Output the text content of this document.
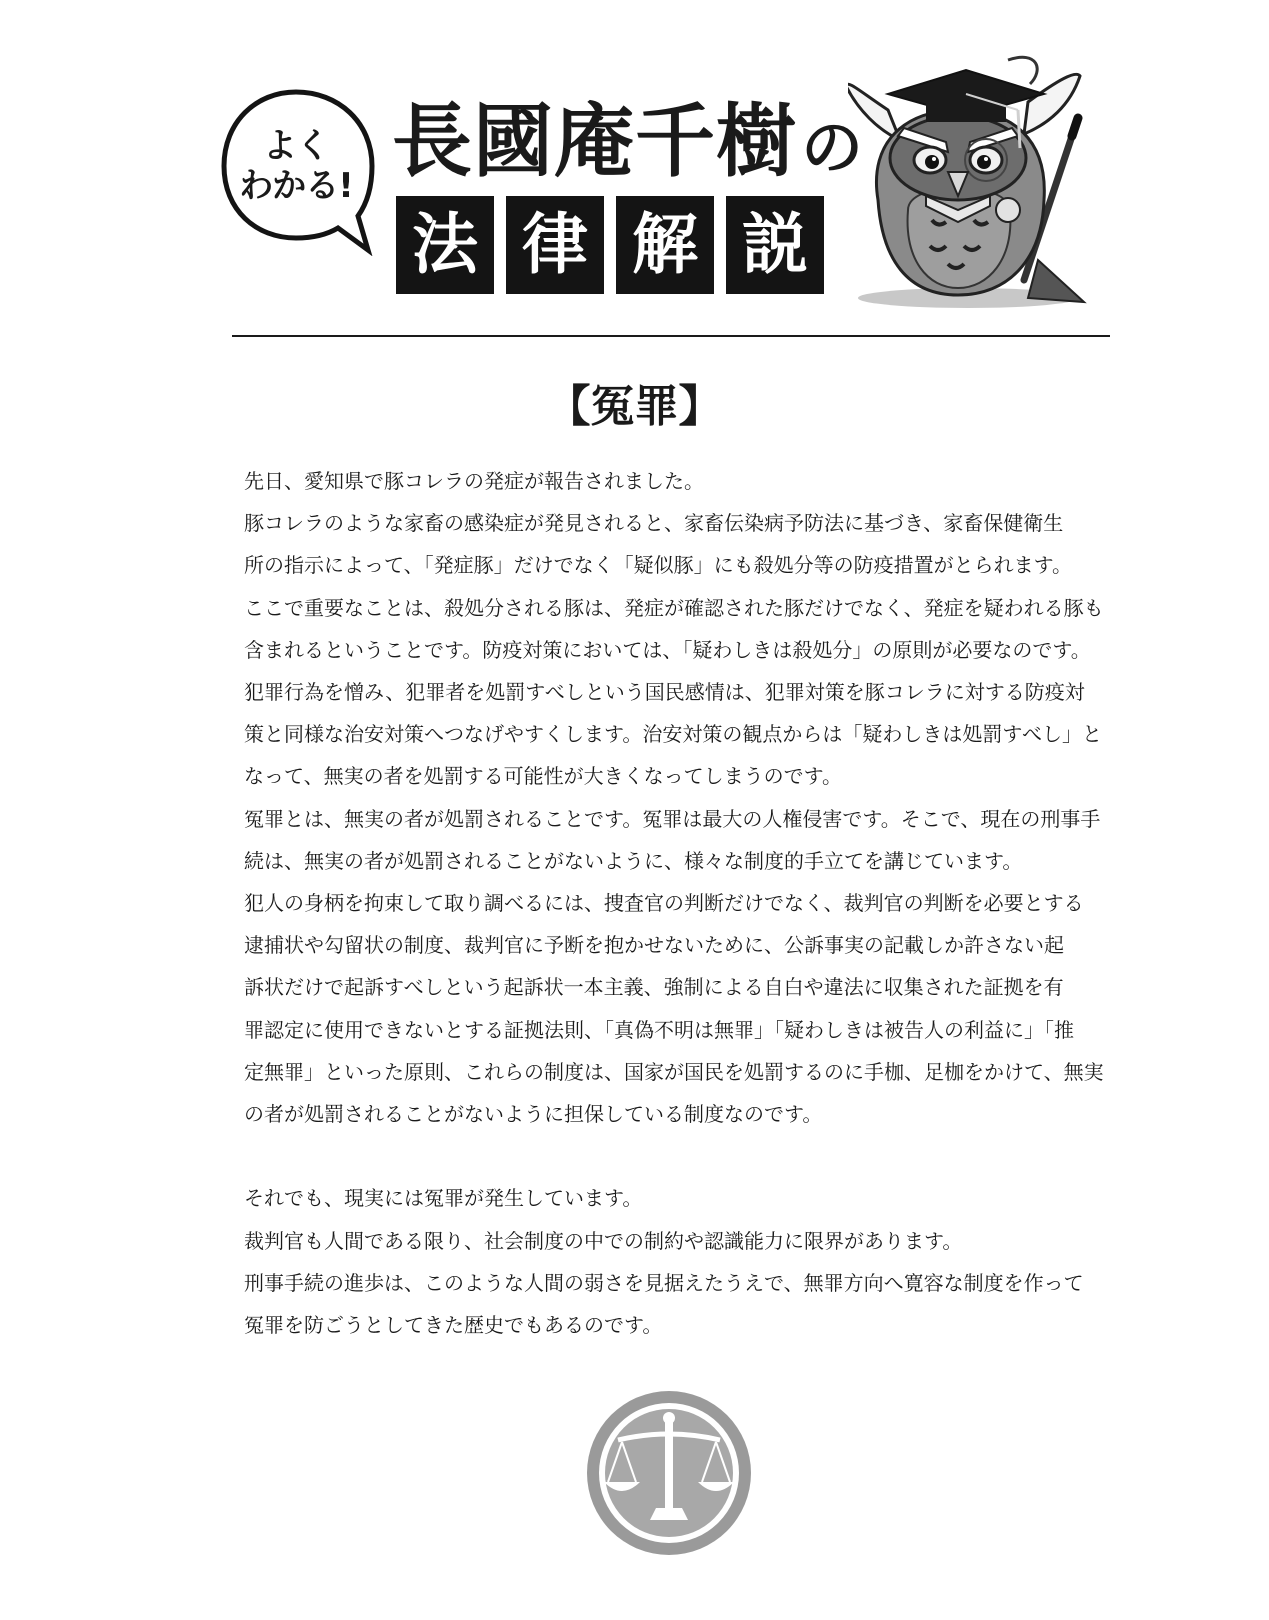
よく
わかる! 長國庵千樹の
法 律 解 説
【冤罪】

先日、愛知県で豚コレラの発症が報告されました。

豚コレラのような家畜の感染症が発見されると、家畜伝染病予防法に基づき、家畜保健衛生

所の指示によって、「発症豚」だけでなく「疑似豚」にも殺処分等の防疫措置がとられます。

ここで重要なことは、殺処分される豚は、発症が確認された豚だけでなく、発症を疑われる豚も

含まれるということです。防疫対策においては、「疑わしきは殺処分」の原則が必要なのです。

犯罪行為を憎み、犯罪者を処罰すべしという国民感情は、犯罪対策を豚コレラに対する防疫対

策と同様な治安対策へつなげやすくします。治安対策の観点からは「疑わしきは処罰すべし」と

なって、無実の者を処罰する可能性が大きくなってしまうのです。

冤罪とは、無実の者が処罰されることです。冤罪は最大の人権侵害です。そこで、現在の刑事手

続は、無実の者が処罰されることがないように、様々な制度的手立てを講じています。

犯人の身柄を拘束して取り調べるには、捜査官の判断だけでなく、裁判官の判断を必要とする

逮捕状や勾留状の制度、裁判官に予断を抱かせないために、公訴事実の記載しか許さない起

訴状だけで起訴すべしという起訴状一本主義、強制による自白や違法に収集された証拠を有

罪認定に使用できないとする証拠法則、「真偽不明は無罪」「疑わしきは被告人の利益に」「推

定無罪」といった原則、これらの制度は、国家が国民を処罰するのに手枷、足枷をかけて、無実

の者が処罰されることがないように担保している制度なのです。

それでも、現実には冤罪が発生しています。

裁判官も人間である限り、社会制度の中での制約や認識能力に限界があります。

刑事手続の進歩は、このような人間の弱さを見据えたうえで、無罪方向へ寛容な制度を作って

冤罪を防ごうとしてきた歴史でもあるのです。
